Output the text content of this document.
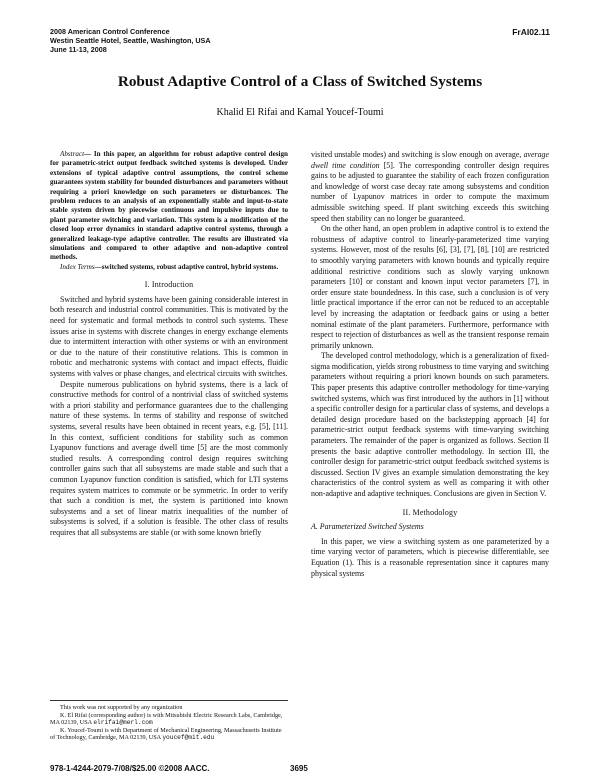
2008 American Control Conference
Westin Seattle Hotel, Seattle, Washington, USA
June 11-13, 2008
FrAI02.11
Robust Adaptive Control of a Class of Switched Systems
Khalid El Rifai and Kamal Youcef-Toumi

Abstract— In this paper, an algorithm for robust adaptive control design for parametric-strict output feedback switched systems is developed. Under extensions of typical adaptive control assumptions, the control scheme guarantees system stability for bounded disturbances and parameters without requiring a priori knowledge on such parameters or disturbances. The problem reduces to an analysis of an exponentially stable and input-to-state stable system driven by piecewise continuous and impulsive inputs due to plant parameter switching and variation. This system is a modification of the closed loop error dynamics in standard adaptive control systems, through a generalized leakage-type adaptive controller. The results are illustrated via simulations and compared to other adaptive and non-adaptive control methods.

Index Terms—switched systems, robust adaptive control, hybrid systems.

I. Introduction

Switched and hybrid systems have been gaining considerable interest in both research and industrial control communities. This is motivated by the need for systematic and formal methods to control such systems. These issues arise in systems with discrete changes in energy exchange elements due to intermittent interaction with other systems or with an environment or due to the nature of their constitutive relations. This is common in robotic and mechatronic systems with contact and impact effects, fluidic systems with valves or phase changes, and electrical circuits with switches.

Despite numerous publications on hybrid systems, there is a lack of constructive methods for control of a nontrivial class of switched systems with a priori stability and performance guarantees due to the challenging nature of these systems. In terms of stability and response of switched systems, several results have been obtained in recent years, e.g. [5], [11]. In this context, sufficient conditions for stability such as common Lyapunov functions and average dwell time [5] are the most commonly studied results. A corresponding control design requires switching controller gains such that all subsystems are made stable and such that a common Lyapunov function condition is satisfied, which for LTI systems requires system matrices to commute or be symmetric. In order to verify that such a condition is met, the system is partitioned into known subsystems and a set of linear matrix inequalities of the number of subsystems is solved, if a solution is feasible. The other class of results requires that all subsystems are stable (or with some known briefly

visited unstable modes) and switching is slow enough on average, average dwell time condition [5]. The corresponding controller design requires gains to be adjusted to guarantee the stability of each frozen configuration and knowledge of worst case decay rate among subsystems and condition number of Lyapunov matrices in order to compute the maximum admissible switching speed. If plant switching exceeds this switching speed then stability can no longer be guaranteed.

On the other hand, an open problem in adaptive control is to extend the robustness of adaptive control to linearly-parameterized time varying systems. However, most of the results [6], [3], [7], [8], [10] are restricted to smoothly varying parameters with known bounds and typically require additional restrictive conditions such as slowly varying unknown parameters [10] or constant and known input vector parameters [7], in order ensure state boundedness. In this case, such a conclusion is of very little practical importance if the error can not be reduced to an acceptable level by increasing the adaptation or feedback gains or using a better nominal estimate of the plant parameters. Furthermore, performance with respect to rejection of disturbances as well as the transient response remain primarily unknown.

The developed control methodology, which is a generalization of fixed-sigma modification, yields strong robustness to time varying and switching parameters without requiring a priori known bounds on such parameters. This paper presents this adaptive controller methodology for time-varying switched systems, which was first introduced by the authors in [1] without a specific controller design for a particular class of systems, and develops a detailed design procedure based on the backstepping approach [4] for parametric-strict output feedback systems with time-varying switching parameters. The remainder of the paper is organized as follows. Section II presents the basic adaptive controller methodology. In section III, the controller design for parametric-strict output feedback switched systems is discussed. Section IV gives an example simulation demonstrating the key characteristics of the control system as well as comparing it with other non-adaptive and adaptive techniques. Conclusions are given in Section V.

II. Methodology
A. Parameterized Switched Systems

In this paper, we view a switching system as one parameterized by a time varying vector of parameters, which is piecewise differentiable, see Equation (1). This is a reasonable representation since it captures many physical systems

This work was not supported by any organization

K. El Rifai (corresponding author) is with Mitsubishi Electric Research Labs, Cambridge, MA 02139, USA elrifai@merl.com

K. Youcef-Toumi is with Department of Mechanical Engineering, Massachusetts Institute of Technology, Cambridge, MA 02139, USA youcef@mit.edu

978-1-4244-2079-7/08/$25.00 ©2008 AACC.	3695
